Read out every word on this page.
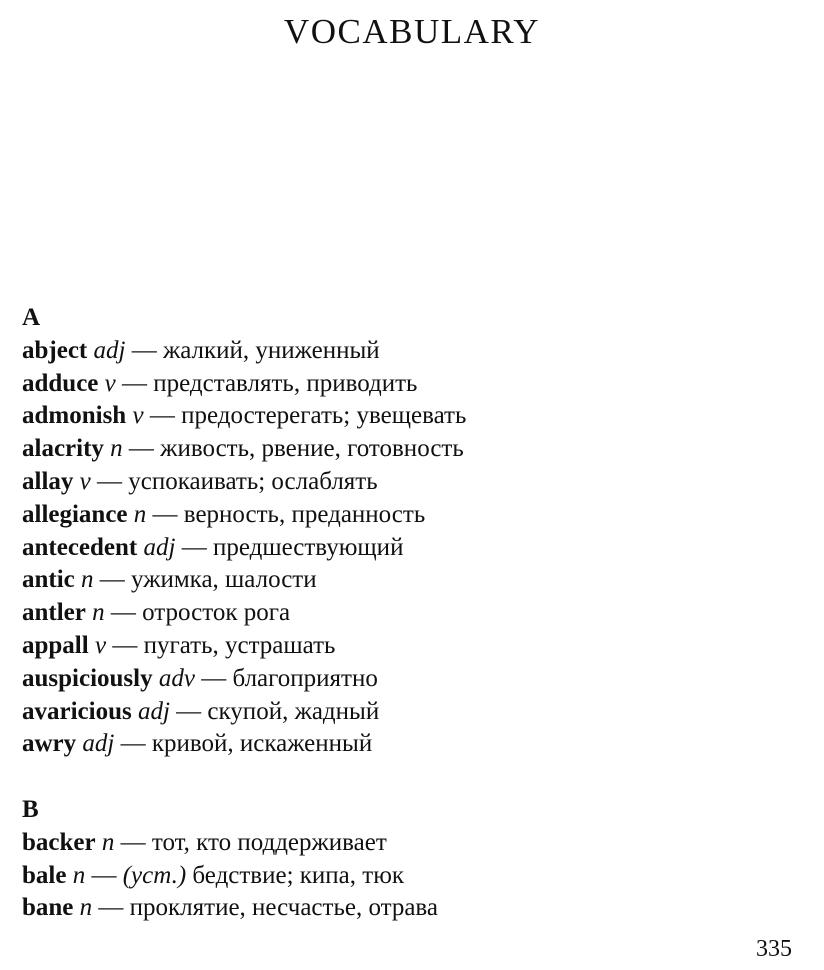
VOCABULARY
A
abject adj — жалкий, униженный
adduce v — представлять, приводить
admonish v — предостерегать; увещевать
alacrity n — живость, рвение, готовность
allay v — успокаивать; ослаблять
allegiance n — верность, преданность
antecedent adj — предшествующий
antic n — ужимка, шалости
antler n — отросток рога
appall v — пугать, устрашать
auspiciously adv — благоприятно
avaricious adj — скупой, жадный
awry adj — кривой, искаженный
B
backer n — тот, кто поддерживает
bale n — (уст.) бедствие; кипа, тюк
bane n — проклятие, несчастье, отрава
335
